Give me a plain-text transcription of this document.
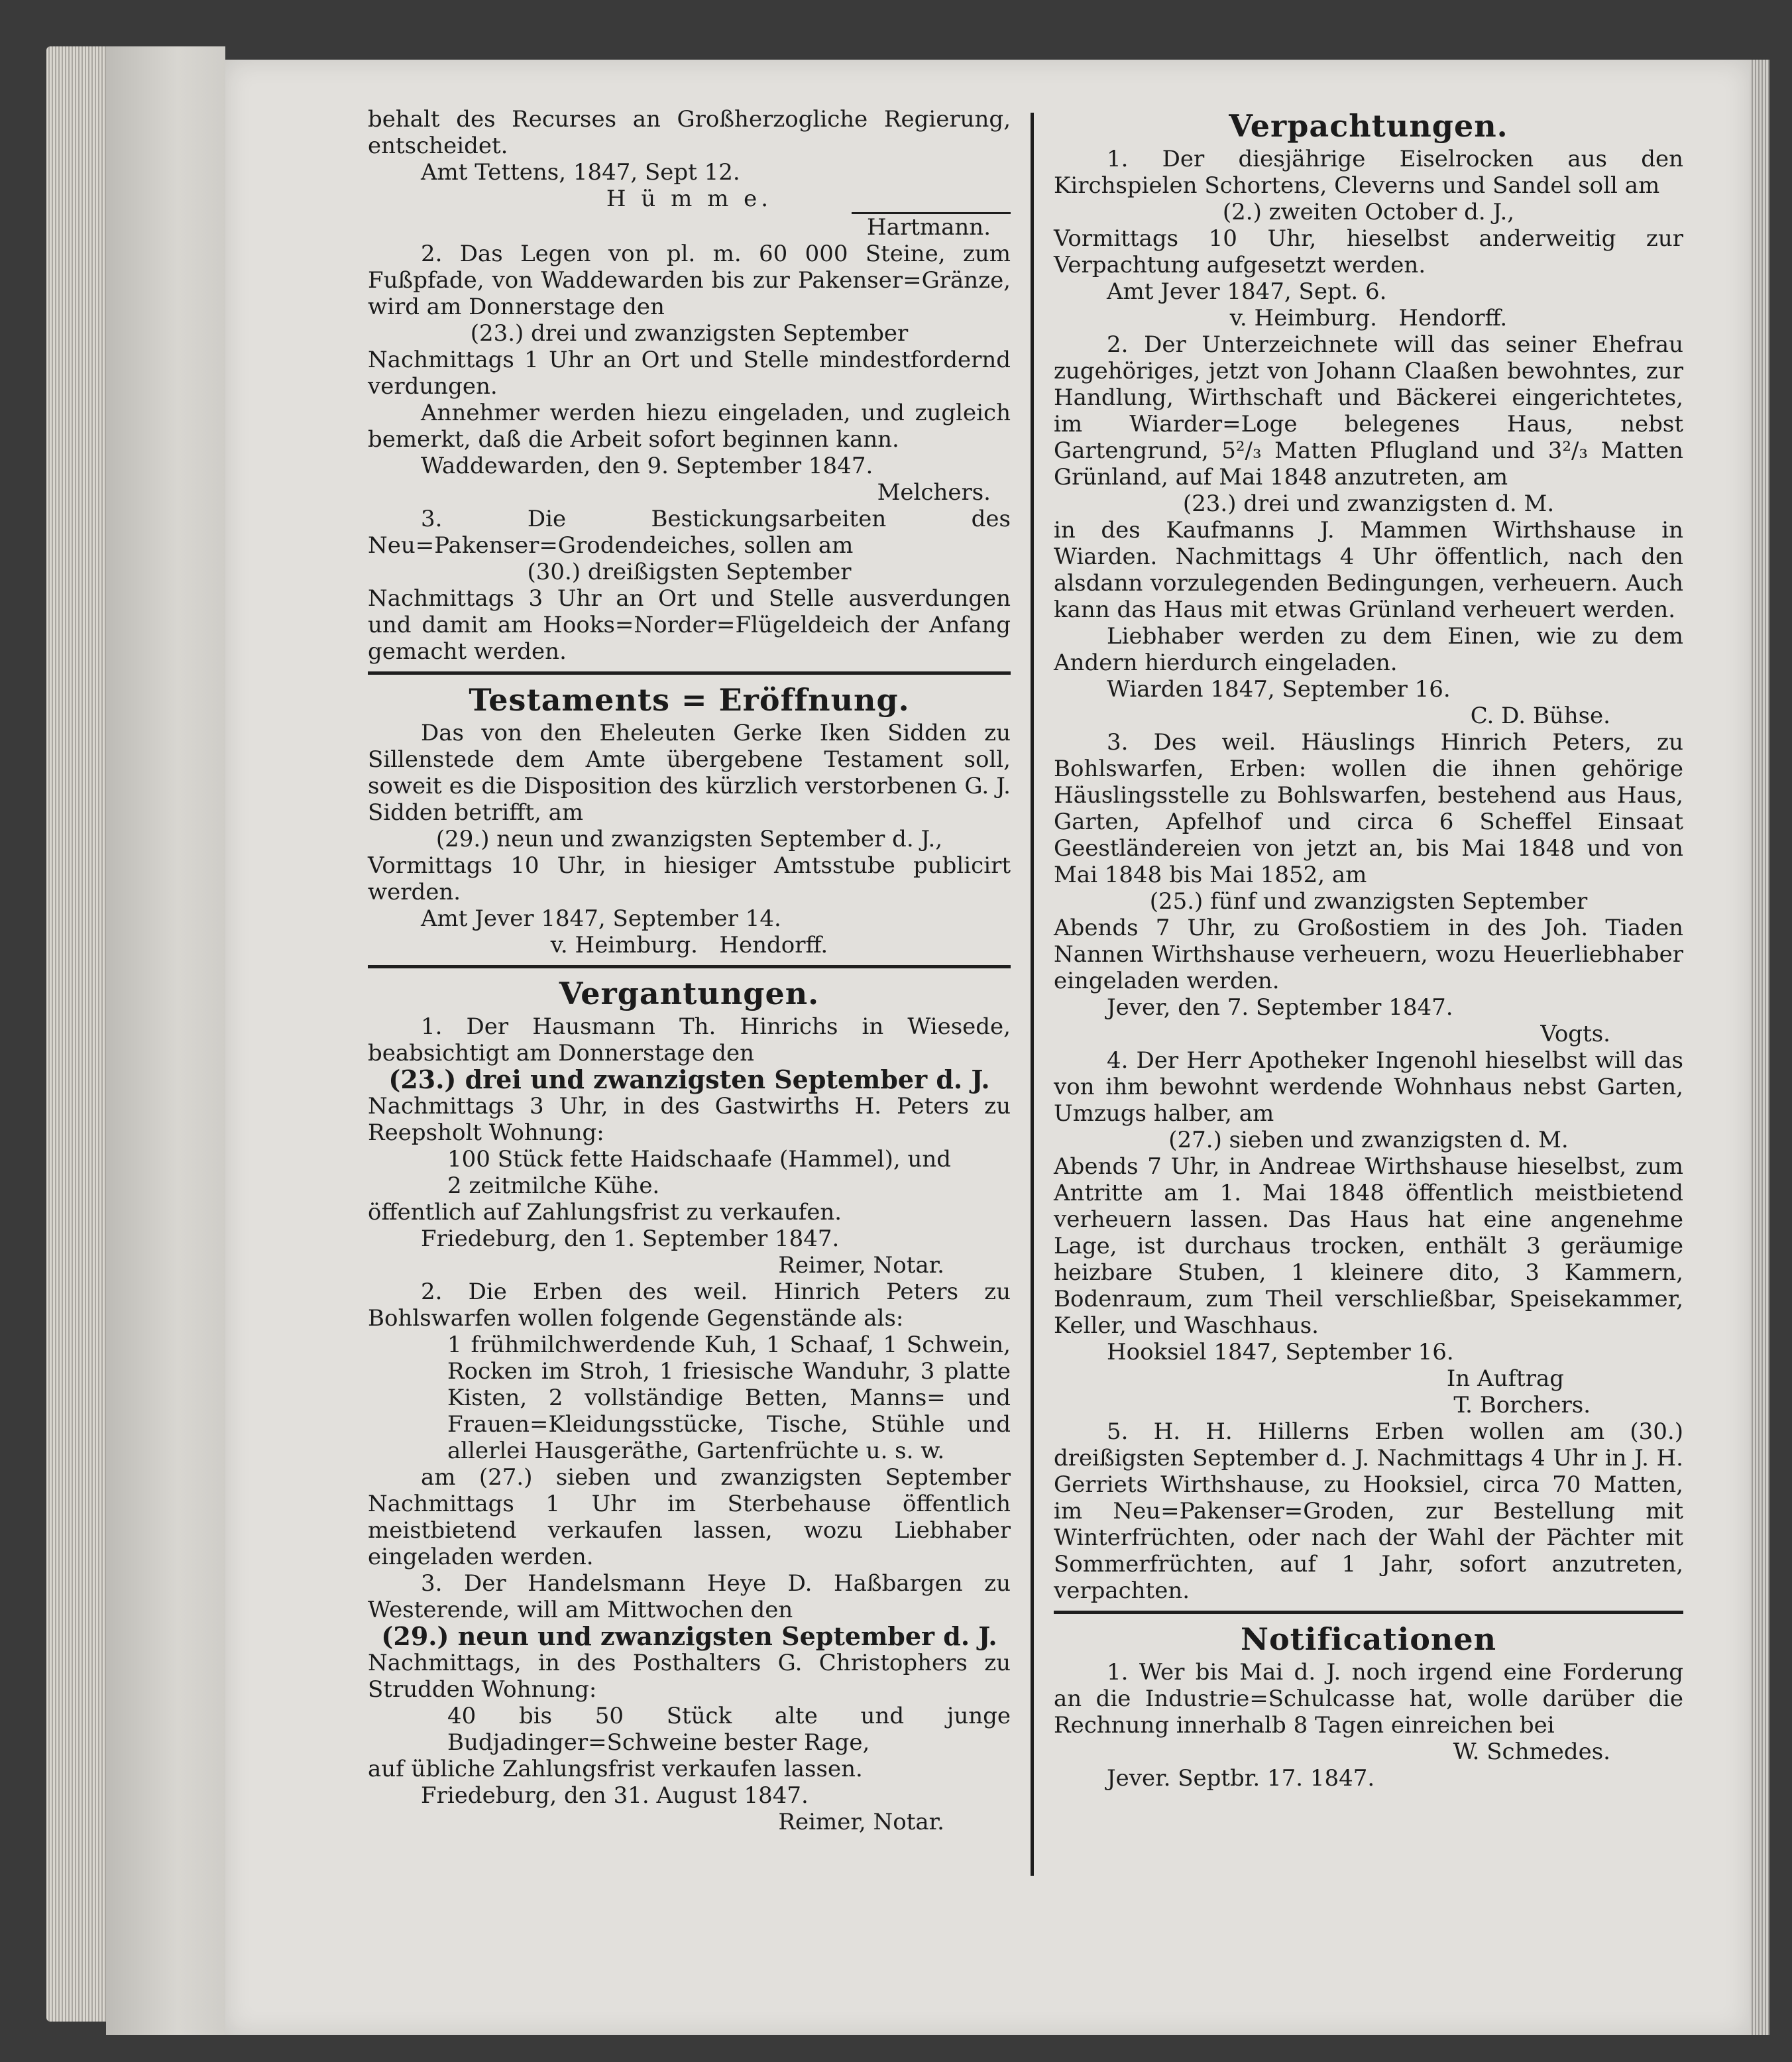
behalt des Recurses an Großherzogliche Regierung, entscheidet.

Amt Tettens, 1847, Sept 12.

H ü m m e.

Hartmann.

2. Das Legen von pl. m. 60 000 Steine, zum Fußpfade, von Waddewarden bis zur Pakenser=Gränze, wird am Donnerstage den

(23.) drei und zwanzigsten September

Nachmittags 1 Uhr an Ort und Stelle mindestfordernd verdungen.

Annehmer werden hiezu eingeladen, und zugleich bemerkt, daß die Arbeit sofort beginnen kann.

Waddewarden, den 9. September 1847.

Melchers.

3. Die Bestickungsarbeiten des Neu=Pakenser=Grodendeiches, sollen am

(30.) dreißigsten September

Nachmittags 3 Uhr an Ort und Stelle ausverdungen und damit am Hooks=Norder=Flügeldeich der Anfang gemacht werden.

Testaments = Eröffnung.

Das von den Eheleuten Gerke Iken Sidden zu Sillenstede dem Amte übergebene Testament soll, soweit es die Disposition des kürzlich verstorbenen G. J. Sidden betrifft, am

(29.) neun und zwanzigsten September d. J.,

Vormittags 10 Uhr, in hiesiger Amtsstube publicirt werden.

Amt Jever 1847, September 14.

v. Heimburg.   Hendorff.

Vergantungen.

1. Der Hausmann Th. Hinrichs in Wiesede, beabsichtigt am Donnerstage den

(23.) drei und zwanzigsten September d. J.

Nachmittags 3 Uhr, in des Gastwirths H. Peters zu Reepsholt Wohnung:

100 Stück fette Haidschaafe (Hammel), und

2 zeitmilche Kühe.

öffentlich auf Zahlungsfrist zu verkaufen.

Friedeburg, den 1. September 1847.

Reimer, Notar.

2. Die Erben des weil. Hinrich Peters zu Bohlswarfen wollen folgende Gegenstände als:

1 frühmilchwerdende Kuh, 1 Schaaf, 1 Schwein, Rocken im Stroh, 1 friesische Wanduhr, 3 platte Kisten, 2 vollständige Betten, Manns= und Frauen=Kleidungsstücke, Tische, Stühle und allerlei Hausgeräthe, Gartenfrüchte u. s. w.

am (27.) sieben und zwanzigsten September Nachmittags 1 Uhr im Sterbehause öffentlich meistbietend verkaufen lassen, wozu Liebhaber eingeladen werden.

3. Der Handelsmann Heye D. Haßbargen zu Westerende, will am Mittwochen den

(29.) neun und zwanzigsten September d. J.

Nachmittags, in des Posthalters G. Christophers zu Strudden Wohnung:

40 bis 50 Stück alte und junge Budjadinger=Schweine bester Rage,

auf übliche Zahlungsfrist verkaufen lassen.

Friedeburg, den 31. August 1847.

Reimer, Notar.

Verpachtungen.

1. Der diesjährige Eiselrocken aus den Kirchspielen Schortens, Cleverns und Sandel soll am

(2.) zweiten October d. J.,

Vormittags 10 Uhr, hieselbst anderweitig zur Verpachtung aufgesetzt werden.

Amt Jever 1847, Sept. 6.

v. Heimburg.   Hendorff.

2. Der Unterzeichnete will das seiner Ehefrau zugehöriges, jetzt von Johann Claaßen bewohntes, zur Handlung, Wirthschaft und Bäckerei eingerichtetes, im Wiarder=Loge belegenes Haus, nebst Gartengrund, 5²/₃ Matten Pflugland und 3²/₃ Matten Grünland, auf Mai 1848 anzutreten, am

(23.) drei und zwanzigsten d. M.

in des Kaufmanns J. Mammen Wirthshause in Wiarden. Nachmittags 4 Uhr öffentlich, nach den alsdann vorzulegenden Bedingungen, verheuern. Auch kann das Haus mit etwas Grünland verheuert werden.

Liebhaber werden zu dem Einen, wie zu dem Andern hierdurch eingeladen.

Wiarden 1847, September 16.

C. D. Bühse.

3. Des weil. Häuslings Hinrich Peters, zu Bohlswarfen, Erben: wollen die ihnen gehörige Häuslingsstelle zu Bohlswarfen, bestehend aus Haus, Garten, Apfelhof und circa 6 Scheffel Einsaat Geestländereien von jetzt an, bis Mai 1848 und von Mai 1848 bis Mai 1852, am

(25.) fünf und zwanzigsten September

Abends 7 Uhr, zu Großostiem in des Joh. Tiaden Nannen Wirthshause verheuern, wozu Heuerliebhaber eingeladen werden.

Jever, den 7. September 1847.

Vogts.

4. Der Herr Apotheker Ingenohl hieselbst will das von ihm bewohnt werdende Wohnhaus nebst Garten, Umzugs halber, am

(27.) sieben und zwanzigsten d. M.

Abends 7 Uhr, in Andreae Wirthshause hieselbst, zum Antritte am 1. Mai 1848 öffentlich meistbietend verheuern lassen. Das Haus hat eine angenehme Lage, ist durchaus trocken, enthält 3 geräumige heizbare Stuben, 1 kleinere dito, 3 Kammern, Bodenraum, zum Theil verschließbar, Speisekammer, Keller, und Waschhaus.

Hooksiel 1847, September 16.

In Auftrag

T. Borchers.

5. H. H. Hillerns Erben wollen am (30.) dreißigsten September d. J. Nachmittags 4 Uhr in J. H. Gerriets Wirthshause, zu Hooksiel, circa 70 Matten, im Neu=Pakenser=Groden, zur Bestellung mit Winterfrüchten, oder nach der Wahl der Pächter mit Sommerfrüchten, auf 1 Jahr, sofort anzutreten, verpachten.

Notificationen

1. Wer bis Mai d. J. noch irgend eine Forderung an die Industrie=Schulcasse hat, wolle darüber die Rechnung innerhalb 8 Tagen einreichen bei

W. Schmedes.

Jever. Septbr. 17. 1847.
